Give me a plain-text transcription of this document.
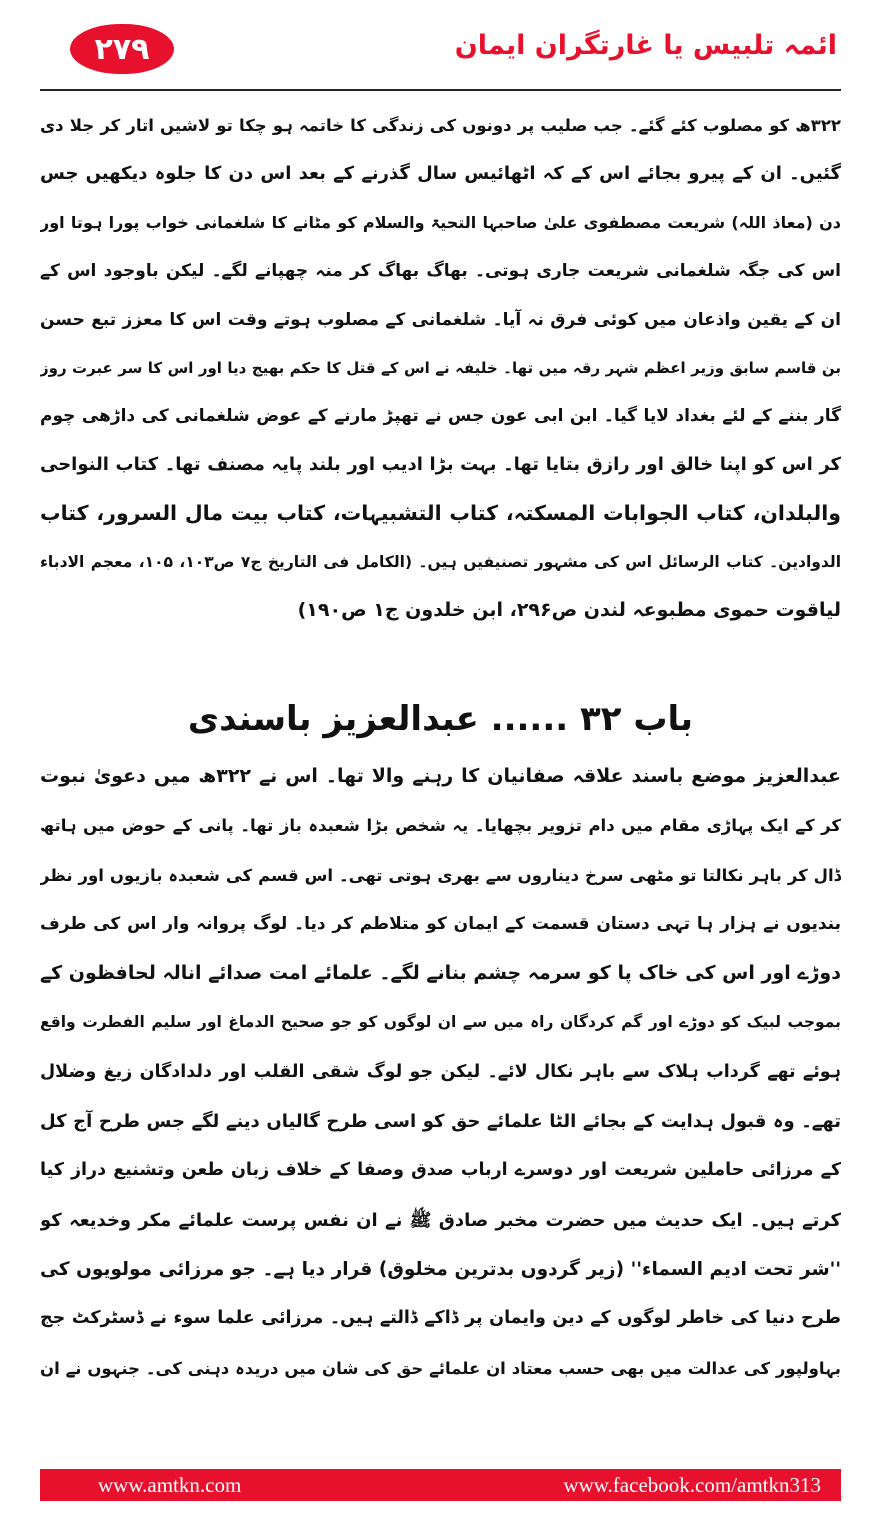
۲۷۹	ائمہ تلبیس یا غارتگران ایمان
۳۲۲ھ کو مصلوب کئے گئے۔ جب صلیب پر دونوں کی زندگی کا خاتمہ ہو چکا تو لاشیں اتار کر جلا دی
گئیں۔ ان کے پیرو بجائے اس کے کہ اٹھائیس سال گذرنے کے بعد اس دن کا جلوہ دیکھیں جس
دن (معاذ اللہ) شریعت مصطفوی علیٰ صاحبہا التحیۃ والسلام کو مٹانے کا شلغمانی خواب پورا ہوتا اور
اس کی جگہ شلغمانی شریعت جاری ہوتی۔ بھاگ بھاگ کر منہ چھپانے لگے۔ لیکن باوجود اس کے
ان کے یقین واذعان میں کوئی فرق نہ آیا۔ شلغمانی کے مصلوب ہوتے وقت اس کا معزز تبع حسن
بن قاسم سابق وزیر اعظم شہر رقہ میں تھا۔ خلیفہ نے اس کے قتل کا حکم بھیج دیا اور اس کا سر عبرت روز
گار بننے کے لئے بغداد لایا گیا۔ ابن ابی عون جس نے تھپڑ مارنے کے عوض شلغمانی کی داڑھی چوم
کر اس کو اپنا خالق اور رازق بتایا تھا۔ بہت بڑا ادیب اور بلند پایہ مصنف تھا۔ کتاب النواحی
والبلدان، کتاب الجوابات المسکتہ، کتاب التشبیہات، کتاب بیت مال السرور، کتاب
الدوادین۔ کتاب الرسائل اس کی مشہور تصنیفیں ہیں۔ (الکامل فی التاریخ ج۷ ص۱۰۳، ۱۰۵، معجم الادباء
لیاقوت حموی مطبوعہ لندن ص۲۹۶، ابن خلدون ج۱ ص۱۹۰)
باب ۳۲ ...... عبدالعزیز باسندی
عبدالعزیز موضع باسند علاقہ صفانیان کا رہنے والا تھا۔ اس نے ۳۲۲ھ میں دعویٰ نبوت
کر کے ایک پہاڑی مقام میں دام تزویر بچھایا۔ یہ شخص بڑا شعبدہ باز تھا۔ پانی کے حوض میں ہاتھ
ڈال کر باہر نکالتا تو مٹھی سرخ دیناروں سے بھری ہوتی تھی۔ اس قسم کی شعبدہ بازیوں اور نظر
بندیوں نے ہزار ہا تہی دستان قسمت کے ایمان کو متلاطم کر دیا۔ لوگ پروانہ وار اس کی طرف
دوڑے اور اس کی خاک پا کو سرمہ چشم بنانے لگے۔ علمائے امت صدائے انالہ لحافظون کے
بموجب لبیک کو دوڑے اور گم کردگان راہ میں سے ان لوگوں کو جو صحیح الدماغ اور سلیم الفطرت واقع
ہوئے تھے گرداب ہلاک سے باہر نکال لائے۔ لیکن جو لوگ شقی القلب اور دلدادگان زیغ وضلال
تھے۔ وہ قبول ہدایت کے بجائے الٹا علمائے حق کو اسی طرح گالیاں دینے لگے جس طرح آج کل
کے مرزائی حاملین شریعت اور دوسرے ارباب صدق وصفا کے خلاف زبان طعن وتشنیع دراز کیا
کرتے ہیں۔ ایک حدیث میں حضرت مخبر صادق ﷺ نے ان نفس پرست علمائے مکر وخدیعہ کو
''شر تحت ادیم السماء'' (زیر گردوں بدترین مخلوق) قرار دیا ہے۔ جو مرزائی مولویوں کی
طرح دنیا کی خاطر لوگوں کے دین وایمان پر ڈاکے ڈالتے ہیں۔ مرزائی علما سوء نے ڈسٹرکٹ جج
بہاولپور کی عدالت میں بھی حسب معتاد ان علمائے حق کی شان میں دریدہ دہنی کی۔ جنہوں نے ان
www.amtkn.com	www.facebook.com/amtkn313
